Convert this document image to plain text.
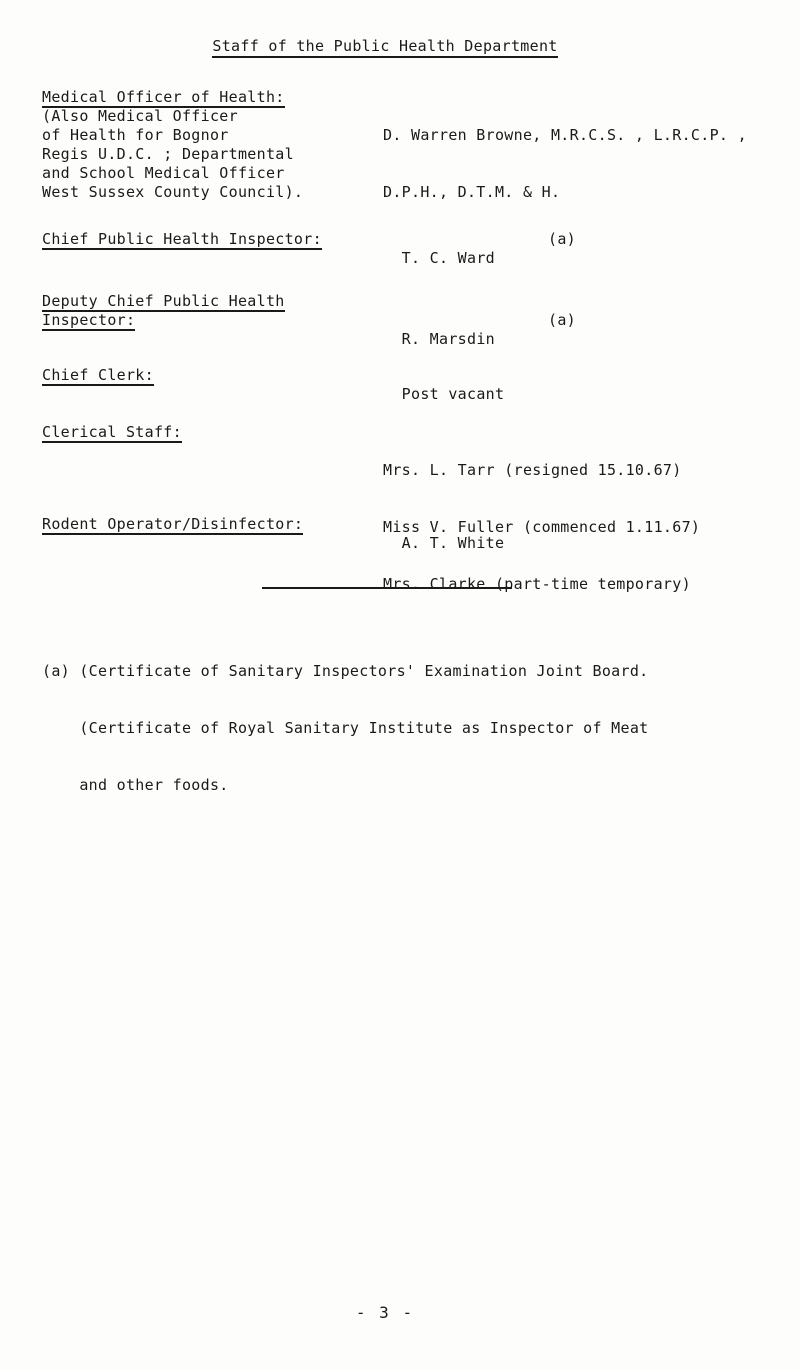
Staff of the Public Health Department
Medical Officer of Health:
(Also Medical Officer
of Health for Bognor
Regis U.D.C. ; Departmental
and School Medical Officer
West Sussex County Council).

D. Warren Browne, M.R.C.S. , L.R.C.P. ,

D.P.H., D.T.M. & H.

Chief Public Health Inspector:

T. C. Ward

(a)
Deputy Chief Public Health
Inspector:

R. Marsdin

(a)
Chief Clerk:

Post vacant

Clerical Staff:

Mrs. L. Tarr (resigned 15.10.67)

Miss V. Fuller (commenced 1.11.67)

Mrs. Clarke (part-time temporary)

Rodent Operator/Disinfector:

A. T. White

(a) (Certificate of Sanitary Inspectors' Examination Joint Board.

(Certificate of Royal Sanitary Institute as Inspector of Meat

and other foods.

- 3 -
